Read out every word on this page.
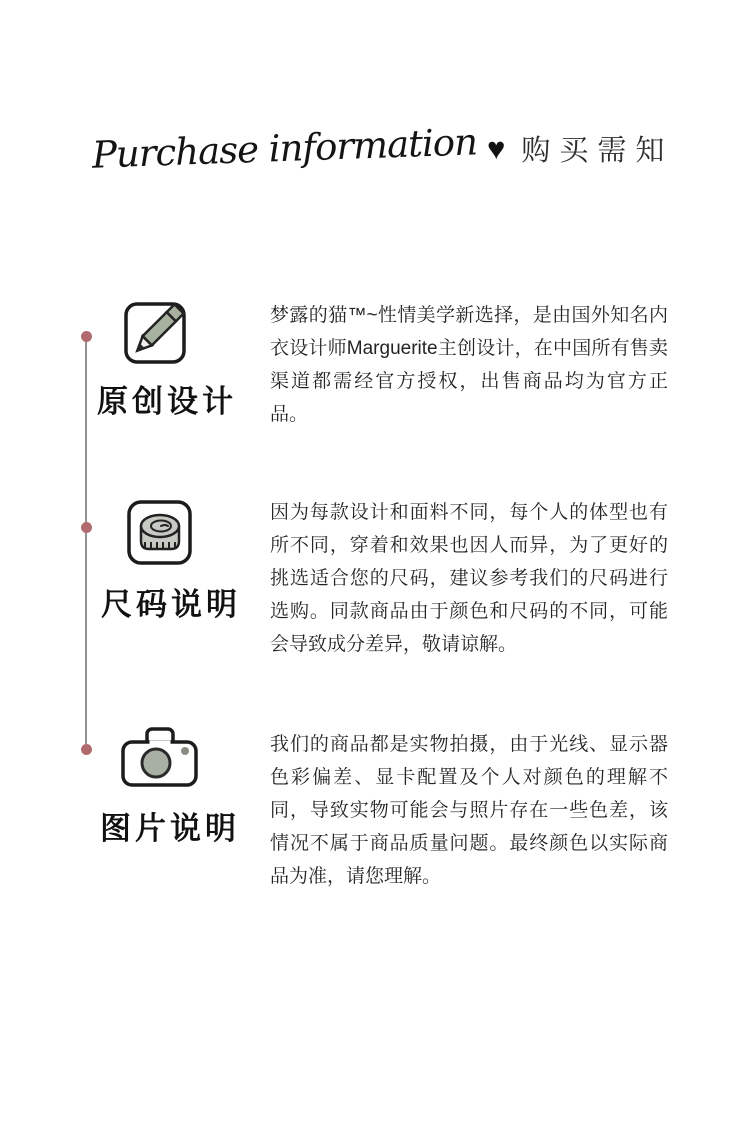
Purchase information ♥ 购买需知
原创设计
梦露的猫™~性情美学新选择，是由国外知名内衣设计师Marguerite主创设计，在中国所有售卖渠道都需经官方授权，出售商品均为官方正品。
尺码说明
因为每款设计和面料不同，每个人的体型也有所不同，穿着和效果也因人而异，为了更好的挑选适合您的尺码，建议参考我们的尺码进行选购。同款商品由于颜色和尺码的不同，可能会导致成分差异，敬请谅解。
图片说明
我们的商品都是实物拍摄，由于光线、显示器色彩偏差、显卡配置及个人对颜色的理解不同，导致实物可能会与照片存在一些色差，该情况不属于商品质量问题。最终颜色以实际商品为准，请您理解。
